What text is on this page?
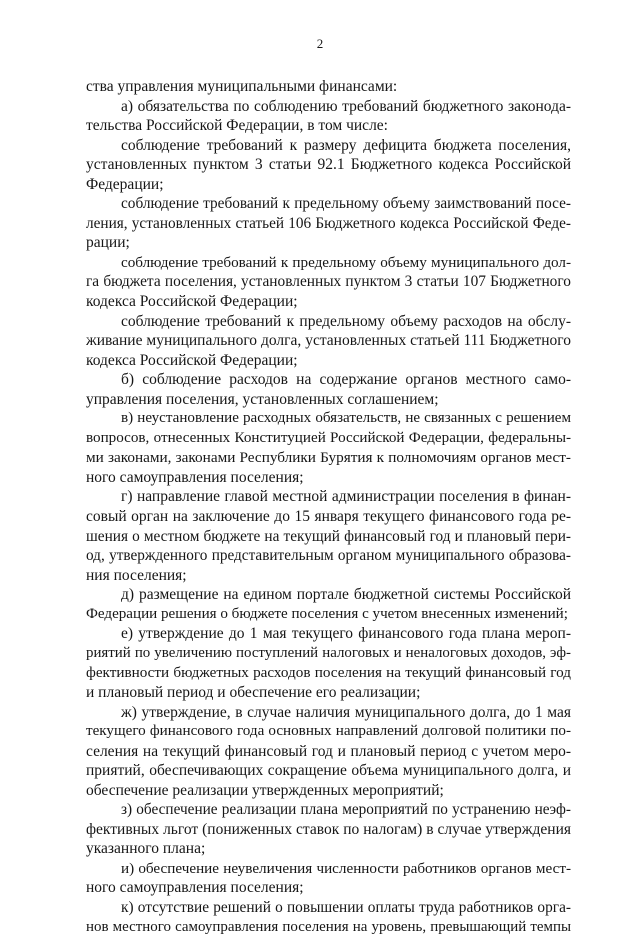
2
ства управления муниципальными финансами:
а) обязательства по соблюдению требований бюджетного законода-
тельства Российской Федерации, в том числе:
соблюдение требований к размеру дефицита бюджета поселения,
установленных пунктом 3 статьи 92.1 Бюджетного кодекса Российской
Федерации;
соблюдение требований к предельному объему заимствований посе-
ления, установленных статьей 106 Бюджетного кодекса Российской Феде-
рации;
соблюдение требований к предельному объему муниципального дол-
га бюджета поселения, установленных пунктом 3 статьи 107 Бюджетного
кодекса Российской Федерации;
соблюдение требований к предельному объему расходов на обслу-
живание муниципального долга, установленных статьей 111 Бюджетного
кодекса Российской Федерации;
б) соблюдение расходов на содержание органов местного само-
управления поселения, установленных соглашением;
в) неустановление расходных обязательств, не связанных с решением
вопросов, отнесенных Конституцией Российской Федерации, федеральны-
ми законами, законами Республики Бурятия к полномочиям органов мест-
ного самоуправления поселения;
г) направление главой местной администрации поселения в финан-
совый орган на заключение до 15 января текущего финансового года ре-
шения о местном бюджете на текущий финансовый год и плановый пери-
од, утвержденного представительным органом муниципального образова-
ния поселения;
д) размещение на едином портале бюджетной системы Российской
Федерации решения о бюджете поселения с учетом внесенных изменений;
е) утверждение до 1 мая текущего финансового года плана мероп-
риятий по увеличению поступлений налоговых и неналоговых доходов, эф-
фективности бюджетных расходов поселения на текущий финансовый год
и плановый период и обеспечение его реализации;
ж) утверждение, в случае наличия муниципального долга, до 1 мая
текущего финансового года основных направлений долговой политики по-
селения на текущий финансовый год и плановый период с учетом меро-
приятий, обеспечивающих сокращение объема муниципального долга, и
обеспечение реализации утвержденных мероприятий;
з) обеспечение реализации плана мероприятий по устранению неэф-
фективных льгот (пониженных ставок по налогам) в случае утверждения
указанного плана;
и) обеспечение неувеличения численности работников органов мест-
ного самоуправления поселения;
к) отсутствие решений о повышении оплаты труда работников орга-
нов местного самоуправления поселения на уровень, превышающий темпы
